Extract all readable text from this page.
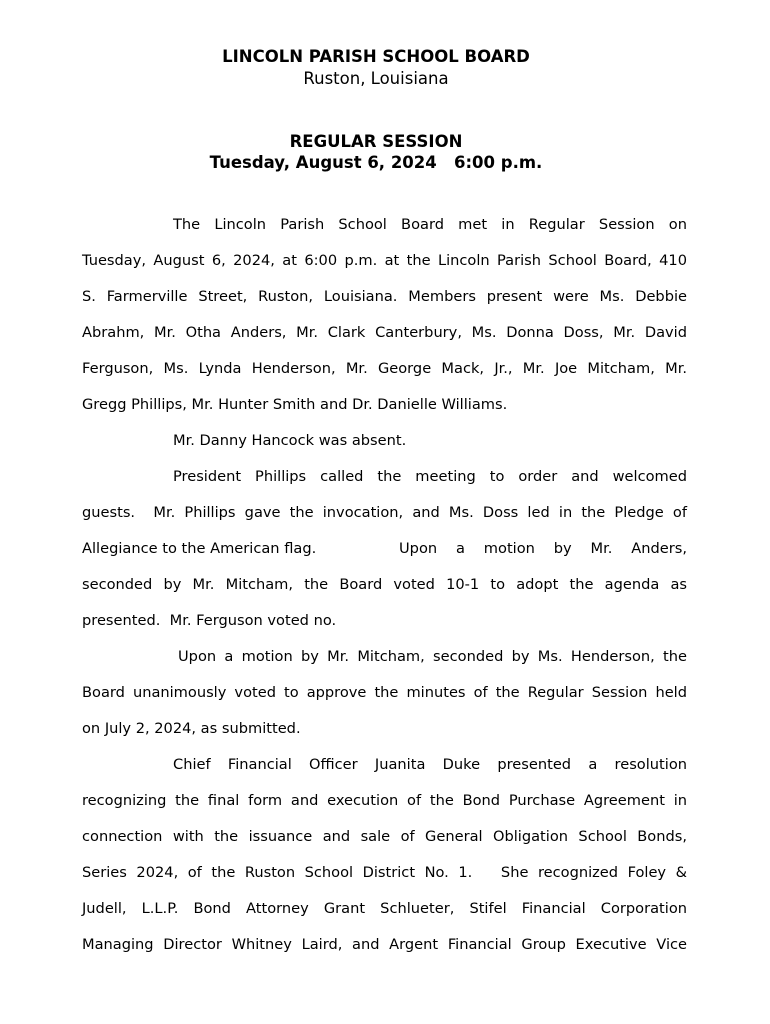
LINCOLN PARISH SCHOOL BOARD
Ruston, Louisiana
REGULAR SESSION
Tuesday, August 6, 2024   6:00 p.m.
The Lincoln Parish School Board met in Regular Session on
Tuesday, August 6, 2024, at 6:00 p.m. at the Lincoln Parish School Board, 410
S. Farmerville Street, Ruston, Louisiana. Members present were Ms. Debbie
Abrahm, Mr. Otha Anders, Mr. Clark Canterbury, Ms. Donna Doss, Mr. David
Ferguson, Ms. Lynda Henderson, Mr. George Mack, Jr., Mr. Joe Mitcham, Mr.
Gregg Phillips, Mr. Hunter Smith and Dr. Danielle Williams.
Mr. Danny Hancock was absent.
President Phillips called the meeting to order and welcomed
guests.  Mr. Phillips gave the invocation, and Ms. Doss led in the Pledge of
Allegiance to the American flag.	Upon a motion by Mr. Anders,
seconded by Mr. Mitcham, the Board voted 10-1 to adopt the agenda as
presented.  Mr. Ferguson voted no.
Upon a motion by Mr. Mitcham, seconded by Ms. Henderson, the
Board unanimously voted to approve the minutes of the Regular Session held
on July 2, 2024, as submitted.
Chief Financial Officer Juanita Duke presented a resolution
recognizing the final form and execution of the Bond Purchase Agreement in
connection with the issuance and sale of General Obligation School Bonds,
Series 2024, of the Ruston School District No. 1.   She recognized Foley &
Judell, L.L.P. Bond Attorney Grant Schlueter, Stifel Financial Corporation
Managing Director Whitney Laird, and Argent Financial Group Executive Vice
